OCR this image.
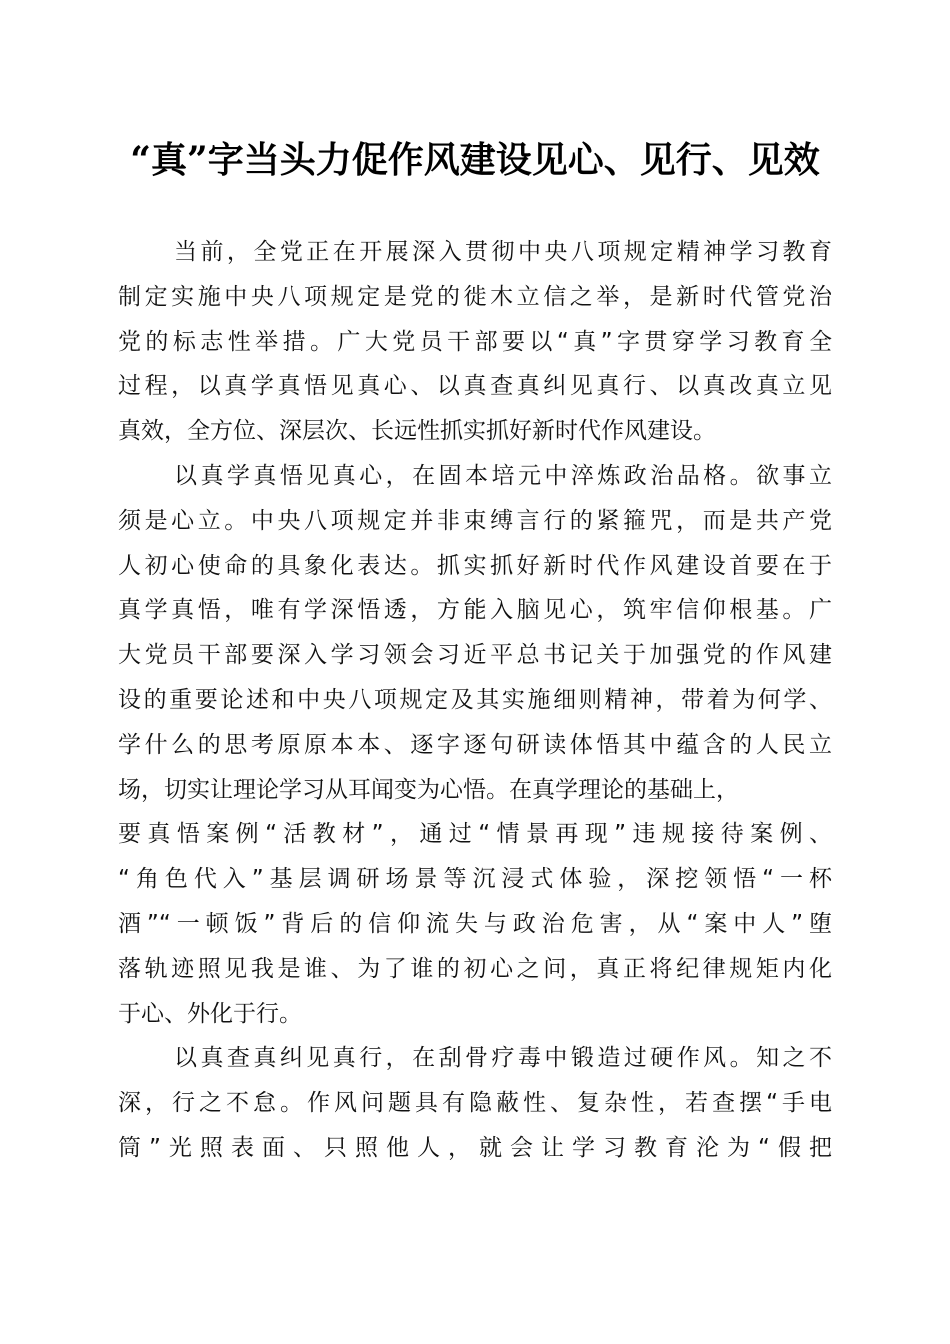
“真”字当头力促作风建设见心、见行、见效
当前，全党正在开展深入贯彻中央八项规定精神学习教育
制定实施中央八项规定是党的徙木立信之举，是新时代管党治
党的标志性举措。广大党员干部要以“真”字贯穿学习教育全
过程，以真学真悟见真心、以真查真纠见真行、以真改真立见
真效，全方位、深层次、长远性抓实抓好新时代作风建设。
以真学真悟见真心，在固本培元中淬炼政治品格。欲事立
须是心立。中央八项规定并非束缚言行的紧箍咒，而是共产党
人初心使命的具象化表达。抓实抓好新时代作风建设首要在于
真学真悟，唯有学深悟透，方能入脑见心，筑牢信仰根基。广
大党员干部要深入学习领会习近平总书记关于加强党的作风建
设的重要论述和中央八项规定及其实施细则精神，带着为何学、
学什么的思考原原本本、逐字逐句研读体悟其中蕴含的人民立
场，切实让理论学习从耳闻变为心悟。在真学理论的基础上，
要真悟案例“活教材”，通过“情景再现”违规接待案例、
“角色代入”基层调研场景等沉浸式体验，深挖领悟“一杯
酒”“一顿饭”背后的信仰流失与政治危害，从“案中人”堕
落轨迹照见我是谁、为了谁的初心之问，真正将纪律规矩内化
于心、外化于行。
以真查真纠见真行，在刮骨疗毒中锻造过硬作风。知之不
深，行之不怠。作风问题具有隐蔽性、复杂性，若查摆“手电
筒”光照表面、只照他人，就会让学习教育沦为“假把
